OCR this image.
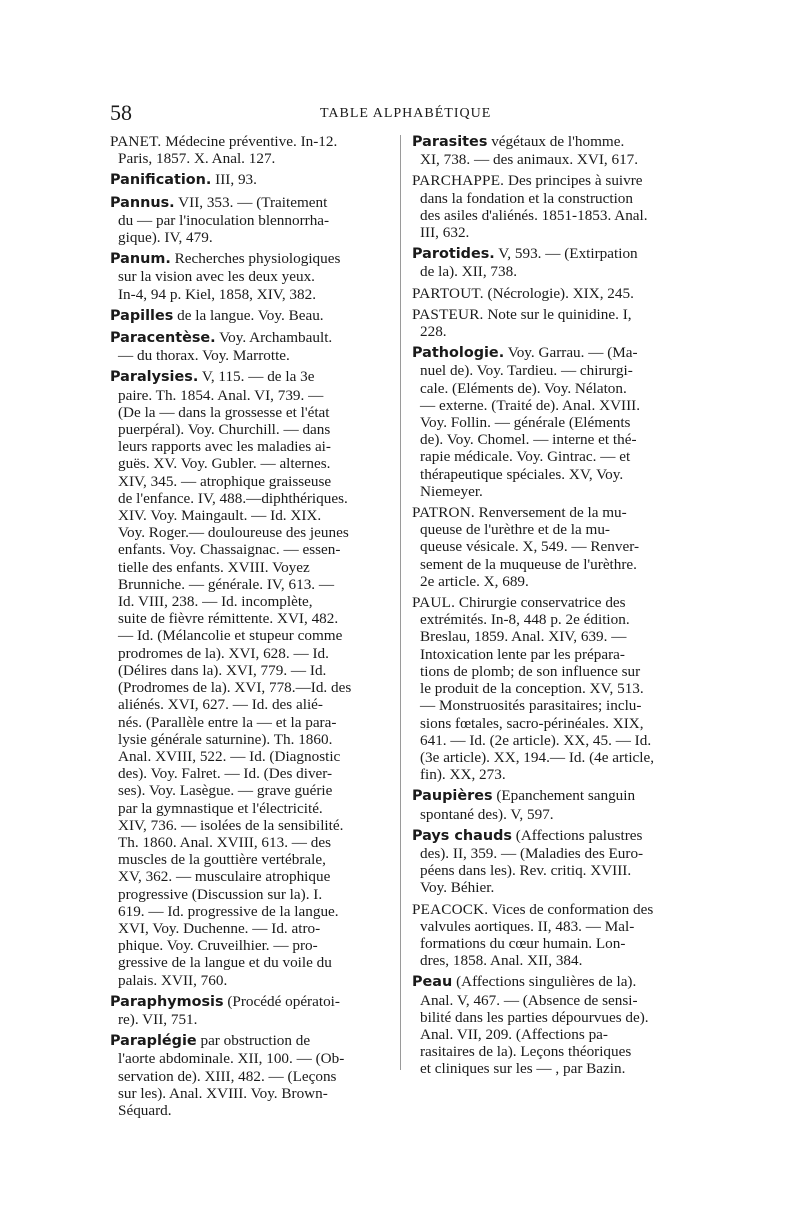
58	TABLE ALPHABÉTIQUE
PANET. Médecine préventive. In-12.
Paris, 1857. X. Anal. 127.
Panification. III, 93.
Pannus. VII, 353. — (Traitement
du — par l'inoculation blennorrha-
gique). IV, 479.
Panum. Recherches physiologiques
sur la vision avec les deux yeux.
In-4, 94 p. Kiel, 1858, XIV, 382.
Papilles de la langue. Voy. Beau.
Paracentèse. Voy. Archambault.
— du thorax. Voy. Marrotte.
Paralysies. V, 115. — de la 3e
paire. Th. 1854. Anal. VI, 739. —
(De la — dans la grossesse et l'état
puerpéral). Voy. Churchill. — dans
leurs rapports avec les maladies ai-
guës. XV. Voy. Gubler. — alternes.
XIV, 345. — atrophique graisseuse
de l'enfance. IV, 488.—diphthériques.
XIV. Voy. Maingault. — Id. XIX.
Voy. Roger.— douloureuse des jeunes
enfants. Voy. Chassaignac. — essen-
tielle des enfants. XVIII. Voyez
Brunniche. — générale. IV, 613. —
Id. VIII, 238. — Id. incomplète,
suite de fièvre rémittente. XVI, 482.
— Id. (Mélancolie et stupeur comme
prodromes de la). XVI, 628. — Id.
(Délires dans la). XVI, 779. — Id.
(Prodromes de la). XVI, 778.—Id. des
aliénés. XVI, 627. — Id. des alié-
nés. (Parallèle entre la — et la para-
lysie générale saturnine). Th. 1860.
Anal. XVIII, 522. — Id. (Diagnostic
des). Voy. Falret. — Id. (Des diver-
ses). Voy. Lasègue. — grave guérie
par la gymnastique et l'électricité.
XIV, 736. — isolées de la sensibilité.
Th. 1860. Anal. XVIII, 613. — des
muscles de la gouttière vertébrale,
XV, 362. — musculaire atrophique
progressive (Discussion sur la). I.
619. — Id. progressive de la langue.
XVI, Voy. Duchenne. — Id. atro-
phique. Voy. Cruveilhier. — pro-
gressive de la langue et du voile du
palais. XVII, 760.
Paraphymosis (Procédé opératoi-
re). VII, 751.
Paraplégie par obstruction de
l'aorte abdominale. XII, 100. — (Ob-
servation de). XIII, 482. — (Leçons
sur les). Anal. XVIII. Voy. Brown-
Séquard.
Parasites végétaux de l'homme.
XI, 738. — des animaux. XVI, 617.
PARCHAPPE. Des principes à suivre
dans la fondation et la construction
des asiles d'aliénés. 1851-1853. Anal.
III, 632.
Parotides. V, 593. — (Extirpation
de la). XII, 738.
PARTOUT. (Nécrologie). XIX, 245.
PASTEUR. Note sur le quinidine. I,
228.
Pathologie. Voy. Garrau. — (Ma-
nuel de). Voy. Tardieu. — chirurgi-
cale. (Eléments de). Voy. Nélaton.
— externe. (Traité de). Anal. XVIII.
Voy. Follin. — générale (Eléments
de). Voy. Chomel. — interne et thé-
rapie médicale. Voy. Gintrac. — et
thérapeutique spéciales. XV, Voy.
Niemeyer.
PATRON. Renversement de la mu-
queuse de l'urèthre et de la mu-
queuse vésicale. X, 549. — Renver-
sement de la muqueuse de l'urèthre.
2e article. X, 689.
PAUL. Chirurgie conservatrice des
extrémités. In-8, 448 p. 2e édition.
Breslau, 1859. Anal. XIV, 639. —
Intoxication lente par les prépara-
tions de plomb; de son influence sur
le produit de la conception. XV, 513.
— Monstruosités parasitaires; inclu-
sions fœtales, sacro-périnéales. XIX,
641. — Id. (2e article). XX, 45. — Id.
(3e article). XX, 194.— Id. (4e article,
fin). XX, 273.
Paupières (Epanchement sanguin
spontané des). V, 597.
Pays chauds (Affections palustres
des). II, 359. — (Maladies des Euro-
péens dans les). Rev. critiq. XVIII.
Voy. Béhier.
PEACOCK. Vices de conformation des
valvules aortiques. II, 483. — Mal-
formations du cœur humain. Lon-
dres, 1858. Anal. XII, 384.
Peau (Affections singulières de la).
Anal. V, 467. — (Absence de sensi-
bilité dans les parties dépourvues de).
Anal. VII, 209. (Affections pa-
rasitaires de la). Leçons théoriques
et cliniques sur les — , par Bazin.
